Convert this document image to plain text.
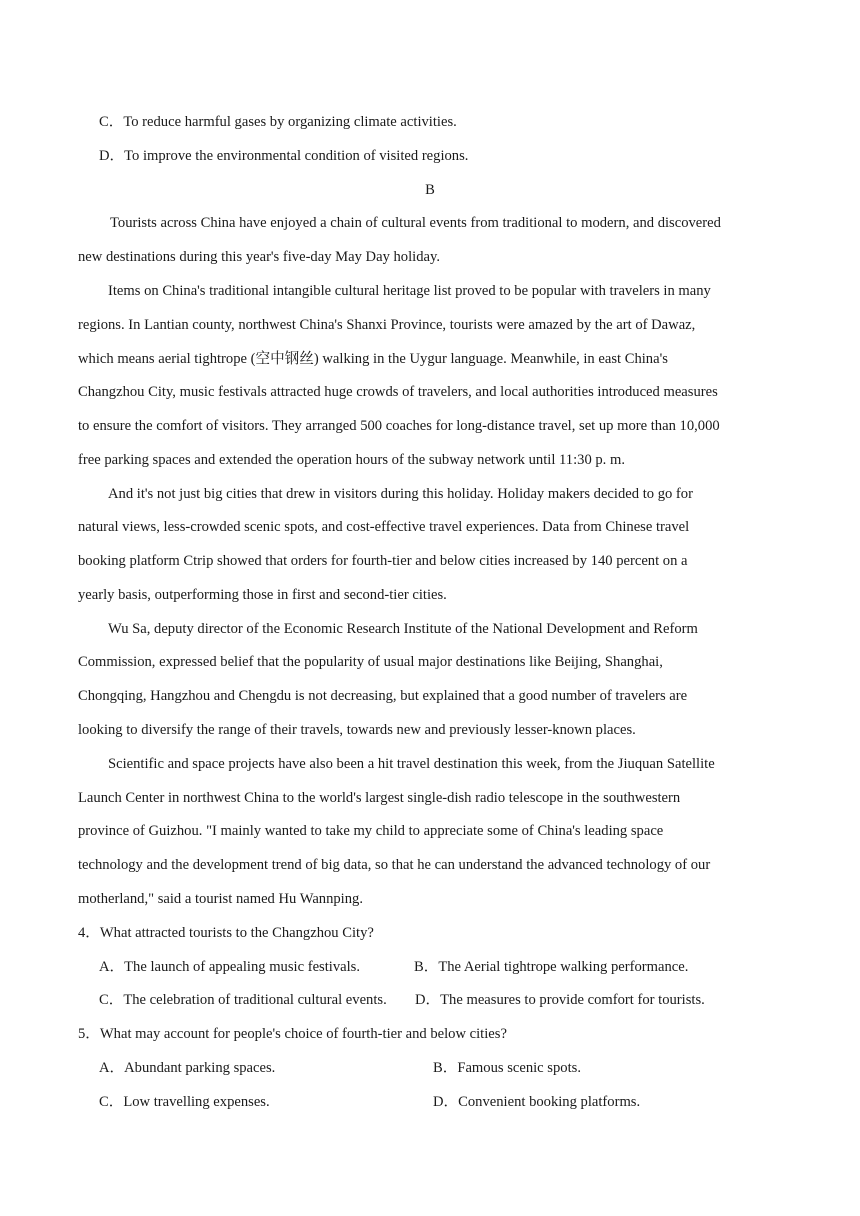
C．To reduce harmful gases by organizing climate activities.
D．To improve the environmental condition of visited regions.
B
Tourists across China have enjoyed a chain of cultural events from traditional to modern, and discovered
new destinations during this year's five-day May Day holiday.
Items on China's traditional intangible cultural heritage list proved to be popular with travelers in many
regions. In Lantian county, northwest China's Shanxi Province, tourists were amazed by the art of Dawaz,
which means aerial tightrope (空中钢丝) walking in the Uygur language. Meanwhile, in east China's
Changzhou City, music festivals attracted huge crowds of travelers, and local authorities introduced measures
to ensure the comfort of visitors. They arranged 500 coaches for long-distance travel, set up more than 10,000
free parking spaces and extended the operation hours of the subway network until 11:30 p. m.
And it's not just big cities that drew in visitors during this holiday. Holiday makers decided to go for
natural views, less-crowded scenic spots, and cost-effective travel experiences. Data from Chinese travel
booking platform Ctrip showed that orders for fourth-tier and below cities increased by 140 percent on a
yearly basis, outperforming those in first and second-tier cities.
Wu Sa, deputy director of the Economic Research Institute of the National Development and Reform
Commission, expressed belief that the popularity of usual major destinations like Beijing, Shanghai,
Chongqing, Hangzhou and Chengdu is not decreasing, but explained that a good number of travelers are
looking to diversify the range of their travels, towards new and previously lesser-known places.
Scientific and space projects have also been a hit travel destination this week, from the Jiuquan Satellite
Launch Center in northwest China to the world's largest single-dish radio telescope in the southwestern
province of Guizhou. "I mainly wanted to take my child to appreciate some of China's leading space
technology and the development trend of big data, so that he can understand the advanced technology of our
motherland," said a tourist named Hu Wannping.
4．What attracted tourists to the Changzhou City?
A．The launch of appealing music festivals.	B．The Aerial tightrope walking performance.
C．The celebration of traditional cultural events. D．The measures to provide comfort for tourists.
5．What may account for people's choice of fourth-tier and below cities?
A．Abundant parking spaces.	B．Famous scenic spots.
C．Low travelling expenses.	D．Convenient booking platforms.
